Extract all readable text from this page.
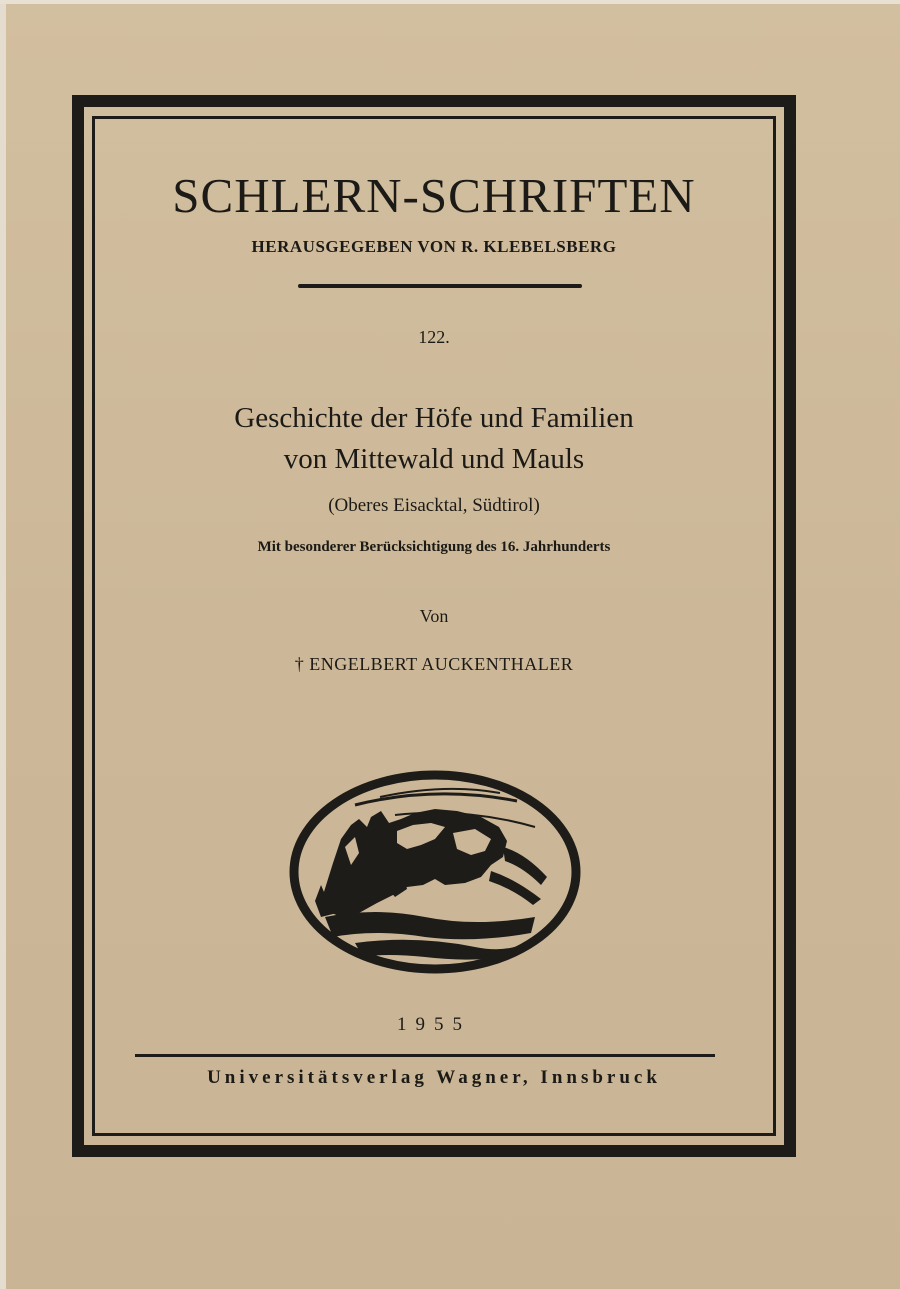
SCHLERN-SCHRIFTEN
HERAUSGEGEBEN VON R. KLEBELSBERG
122.
Geschichte der Höfe und Familien
von Mittewald und Mauls
(Oberes Eisacktal, Südtirol)
Mit besonderer Berücksichtigung des 16. Jahrhunderts
Von
† ENGELBERT AUCKENTHALER
1955
Universitätsverlag Wagner, Innsbruck
